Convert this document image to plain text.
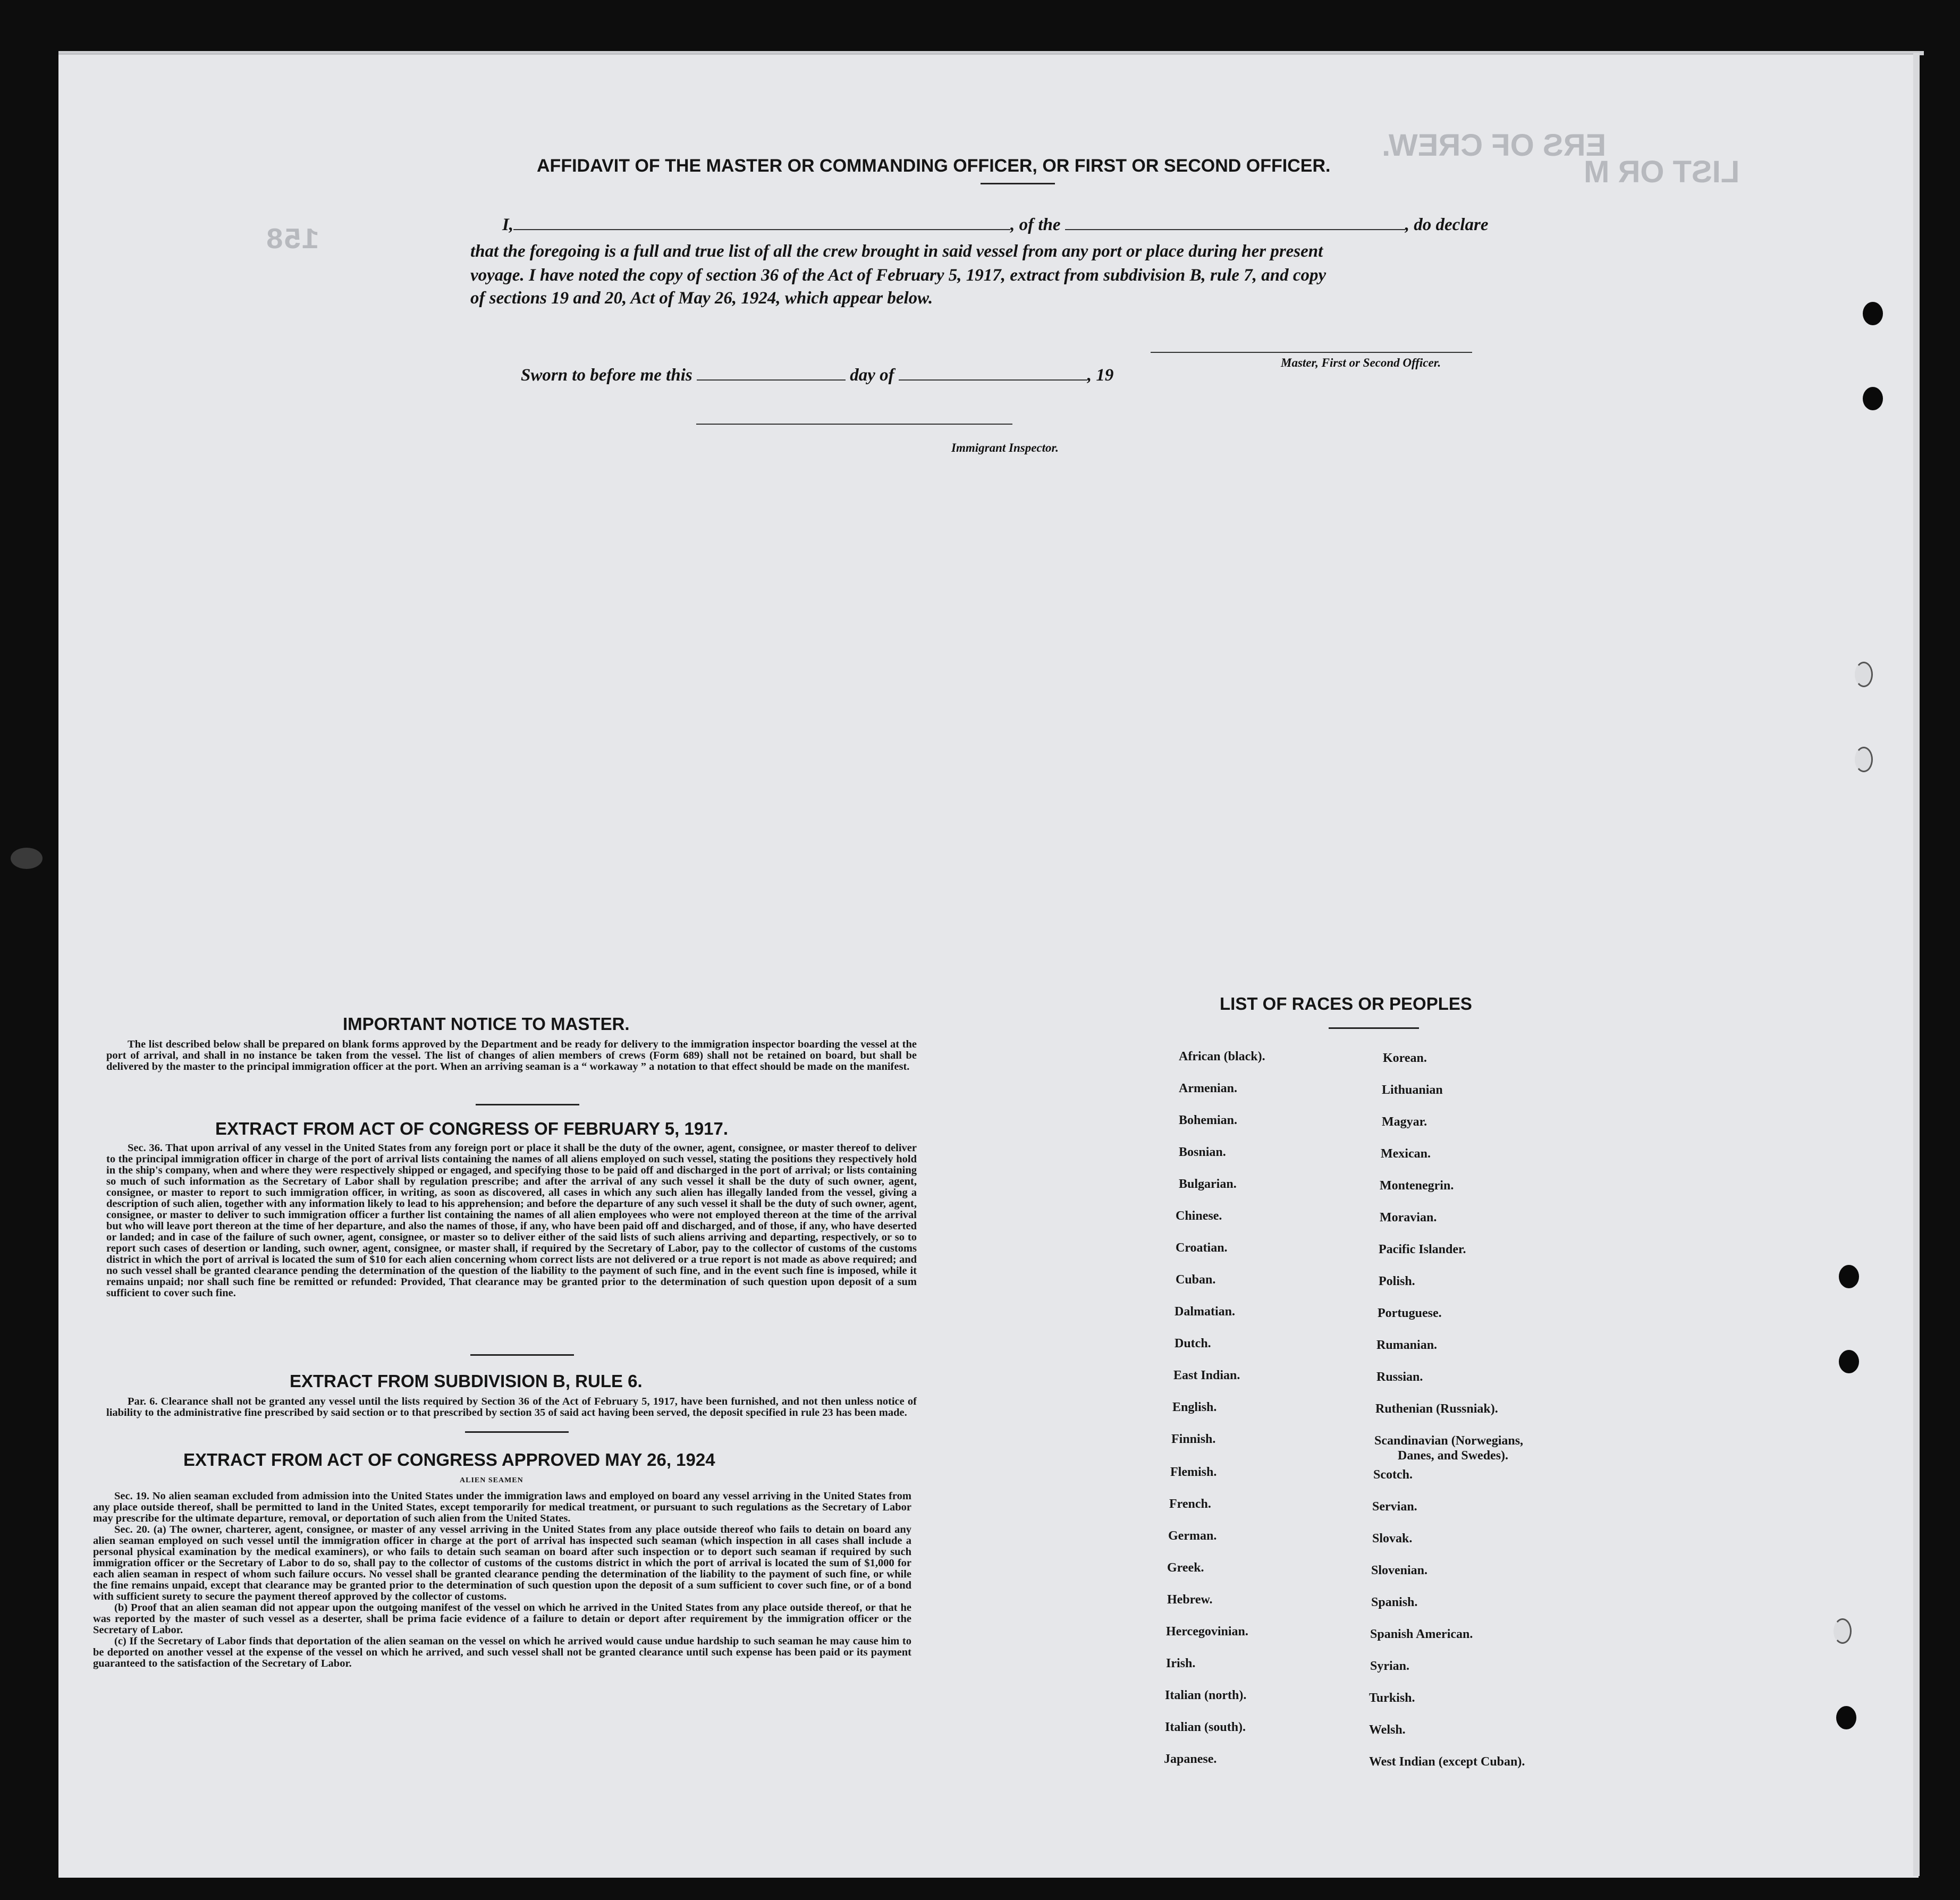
LIST OR M
ERS OF CREW.
158
AFFIDAVIT OF THE MASTER OR COMMANDING OFFICER, OR FIRST OR SECOND OFFICER.
I,	, of the	, do declare
that the foregoing is a full and true list of all the crew brought in said vessel from any port or place during her present
voyage. I have noted the copy of section 36 of the Act of February 5, 1917, extract from subdivision B, rule 7, and copy
of sections 19 and 20, Act of May 26, 1924, which appear below.
Master, First or Second Officer.
Sworn to before me this	day of	, 19
Immigrant Inspector.
IMPORTANT NOTICE TO MASTER.

The list described below shall be prepared on blank forms approved by the Department and be ready for delivery to the immigration inspector boarding the vessel at the port of arrival, and shall in no instance be taken from the vessel. The list of changes of alien members of crews (Form 689) shall not be retained on board, but shall be delivered by the master to the principal immigration officer at the port. When an arriving seaman is a “ workaway ” a notation to that effect should be made on the manifest.

EXTRACT FROM ACT OF CONGRESS OF FEBRUARY 5, 1917.

Sec. 36. That upon arrival of any vessel in the United States from any foreign port or place it shall be the duty of the owner, agent, consignee, or master thereof to deliver to the principal immigration officer in charge of the port of arrival lists containing the names of all aliens employed on such vessel, stating the positions they respectively hold in the ship's company, when and where they were respectively shipped or engaged, and specifying those to be paid off and discharged in the port of arrival; or lists containing so much of such information as the Secretary of Labor shall by regulation prescribe; and after the arrival of any such vessel it shall be the duty of such owner, agent, consignee, or master to report to such immigration officer, in writing, as soon as discovered, all cases in which any such alien has illegally landed from the vessel, giving a description of such alien, together with any information likely to lead to his apprehension; and before the departure of any such vessel it shall be the duty of such owner, agent, consignee, or master to deliver to such immigration officer a further list containing the names of all alien employees who were not employed thereon at the time of the arrival but who will leave port thereon at the time of her departure, and also the names of those, if any, who have been paid off and discharged, and of those, if any, who have deserted or landed; and in case of the failure of such owner, agent, consignee, or master so to deliver either of the said lists of such aliens arriving and departing, respectively, or so to report such cases of desertion or landing, such owner, agent, consignee, or master shall, if required by the Secretary of Labor, pay to the collector of customs of the customs district in which the port of arrival is located the sum of $10 for each alien concerning whom correct lists are not delivered or a true report is not made as above required; and no such vessel shall be granted clearance pending the determination of the question of the liability to the payment of such fine, and in the event such fine is imposed, while it remains unpaid; nor shall such fine be remitted or refunded: Provided, That clearance may be granted prior to the determination of such question upon deposit of a sum sufficient to cover such fine.

EXTRACT FROM SUBDIVISION B, RULE 6.

Par. 6. Clearance shall not be granted any vessel until the lists required by Section 36 of the Act of February 5, 1917, have been furnished, and not then unless notice of liability to the administrative fine prescribed by said section or to that prescribed by section 35 of said act having been served, the deposit specified in rule 23 has been made.

EXTRACT FROM ACT OF CONGRESS APPROVED MAY 26, 1924
ALIEN SEAMEN

Sec. 19. No alien seaman excluded from admission into the United States under the immigration laws and employed on board any vessel arriving in the United States from any place outside thereof, shall be permitted to land in the United States, except temporarily for medical treatment, or pursuant to such regulations as the Secretary of Labor may prescribe for the ultimate departure, removal, or deportation of such alien from the United States.

Sec. 20. (a) The owner, charterer, agent, consignee, or master of any vessel arriving in the United States from any place outside thereof who fails to detain on board any alien seaman employed on such vessel until the immigration officer in charge at the port of arrival has inspected such seaman (which inspection in all cases shall include a personal physical examination by the medical examiners), or who fails to detain such seaman on board after such inspection or to deport such seaman if required by such immigration officer or the Secretary of Labor to do so, shall pay to the collector of customs of the customs district in which the port of arrival is located the sum of $1,000 for each alien seaman in respect of whom such failure occurs. No vessel shall be granted clearance pending the determination of the liability to the payment of such fine, or while the fine remains unpaid, except that clearance may be granted prior to the determination of such question upon the deposit of a sum sufficient to cover such fine, or of a bond with sufficient surety to secure the payment thereof approved by the collector of customs.

(b) Proof that an alien seaman did not appear upon the outgoing manifest of the vessel on which he arrived in the United States from any place outside thereof, or that he was reported by the master of such vessel as a deserter, shall be prima facie evidence of a failure to detain or deport after requirement by the immigration officer or the Secretary of Labor.

(c) If the Secretary of Labor finds that deportation of the alien seaman on the vessel on which he arrived would cause undue hardship to such seaman he may cause him to be deported on another vessel at the expense of the vessel on which he arrived, and such vessel shall not be granted clearance until such expense has been paid or its payment guaranteed to the satisfaction of the Secretary of Labor.

LIST OF RACES OR PEOPLES
African (black).
Armenian.
Bohemian.
Bosnian.
Bulgarian.
Chinese.
Croatian.
Cuban.
Dalmatian.
Dutch.
East Indian.
English.
Finnish.
Flemish.
French.
German.
Greek.
Hebrew.
Hercegovinian.
Irish.
Italian (north).
Italian (south).
Japanese.
Korean.
Lithuanian
Magyar.
Mexican.
Montenegrin.
Moravian.
Pacific Islander.
Polish.
Portuguese.
Rumanian.
Russian.
Ruthenian (Russniak).
Scandinavian (Norwegians,
Danes, and Swedes).
Scotch.
Servian.
Slovak.
Slovenian.
Spanish.
Spanish American.
Syrian.
Turkish.
Welsh.
West Indian (except Cuban).
